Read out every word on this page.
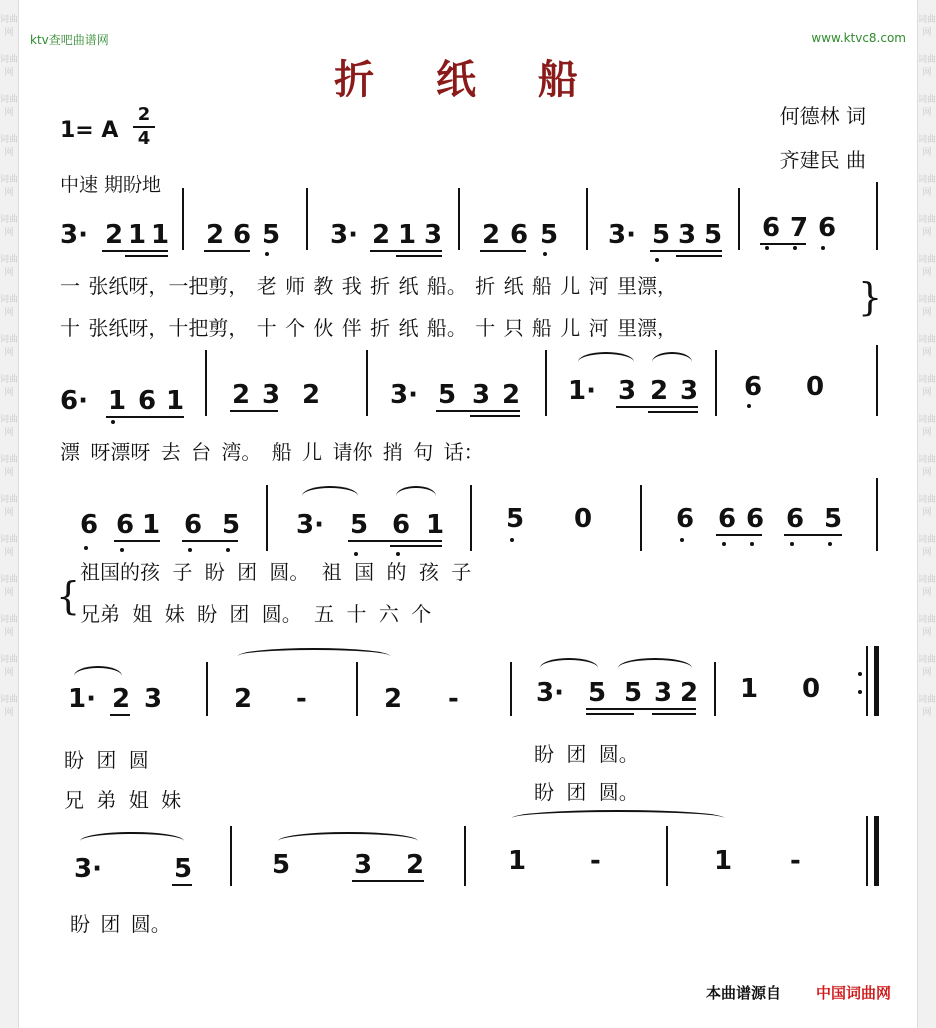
词曲网
词曲网
词曲网
词曲网
词曲网
词曲网
词曲网
词曲网
词曲网
词曲网
词曲网
词曲网
词曲网
词曲网
词曲网
词曲网
词曲网
词曲网
词曲网
词曲网
词曲网
词曲网
词曲网
词曲网
词曲网
词曲网
词曲网
词曲网
词曲网
词曲网
词曲网
词曲网
词曲网
词曲网
词曲网
词曲网
ktv查吧曲谱网	www.ktvc8.com
折 纸 船
1= A
2
4
何德林 词
齐建民 曲
中速 期盼地
3· 2 1 1 2 6 5 3· 2 1 3 2 6 5 3· 5 3 5 6 7 6
一 张纸呀，一把剪， 老 师 教 我 折 纸 船。 折 纸 船 儿 河 里漂，
十 张纸呀，十把剪， 十 个 伙 伴 折 纸 船。 十 只 船 儿 河 里漂，
}
6· 1 6 1 2 3 2	3· 5 3 2 1· 3 2 3 6 0
漂 呀漂呀 去 台 湾。 船 儿 请你 捎 句 话：
6 6 1 6 5 3· 5 6 1 5 0	6 6 6 6 5
{
祖国的孩 子 盼 团 圆。 祖 国 的 孩 子
兄弟 姐 妹 盼 团 圆。 五 十 六 个
1· 2 3	2 -	2 -	3· 5 5 3 2 1 0
盼 团 圆	盼 团 圆。
兄 弟 姐 妹	盼 团 圆。
3·	5	5 3 2	1 -	1 -
盼 团 圆。
本曲谱源自 中国词曲网
